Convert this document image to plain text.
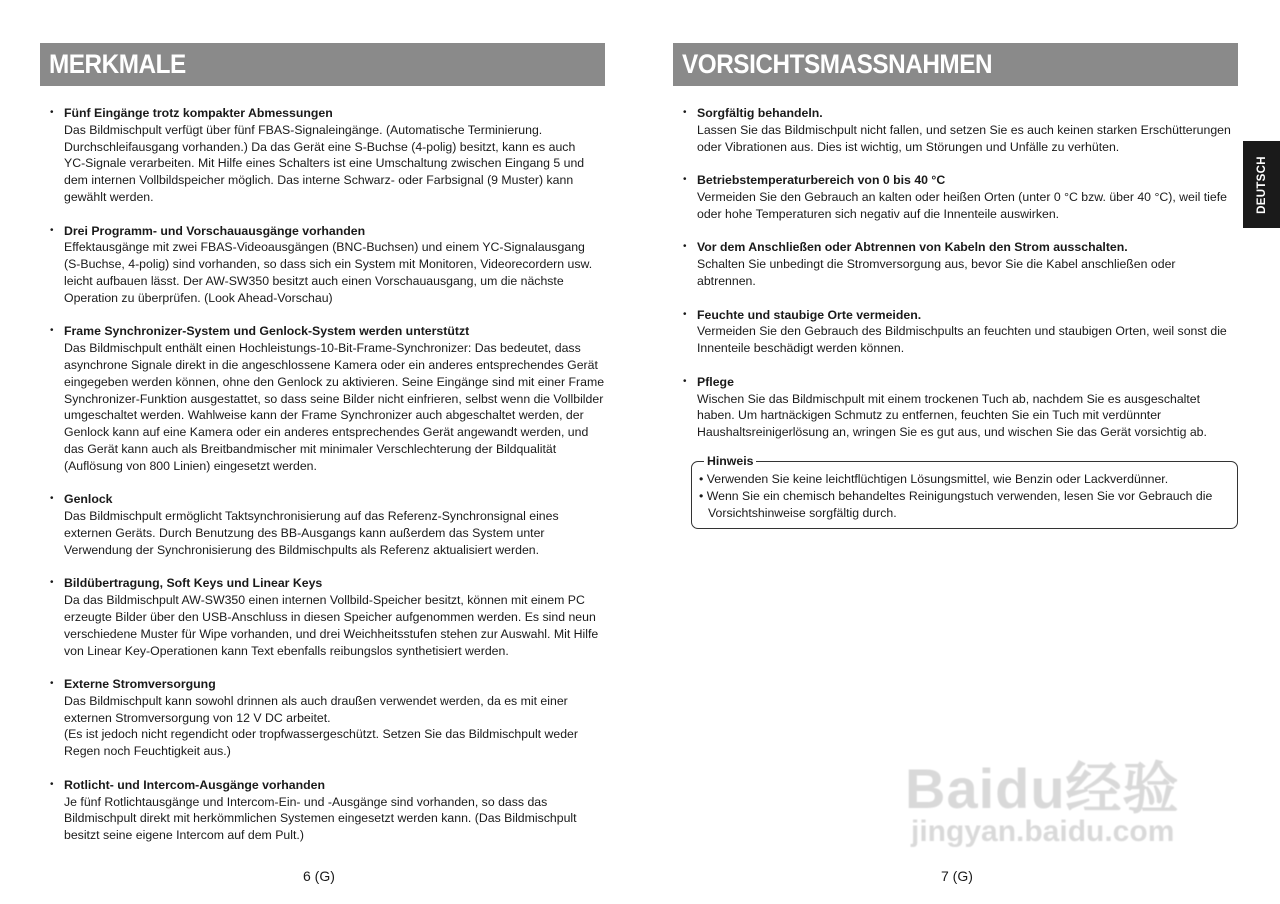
MERKMALE	VORSICHTSMASSNAHMEN
• Fünf Eingänge trotz kompakter Abmessungen
Das Bildmischpult verfügt über fünf FBAS-Signaleingänge. (Automatische Terminierung.
Durchschleifausgang vorhanden.) Da das Gerät eine S-Buchse (4-polig) besitzt, kann es auch
YC-Signale verarbeiten. Mit Hilfe eines Schalters ist eine Umschaltung zwischen Eingang 5 und
dem internen Vollbildspeicher möglich. Das interne Schwarz- oder Farbsignal (9 Muster) kann
gewählt werden.
• Drei Programm- und Vorschauausgänge vorhanden
Effektausgänge mit zwei FBAS-Videoausgängen (BNC-Buchsen) und einem YC-Signalausgang
(S-Buchse, 4-polig) sind vorhanden, so dass sich ein System mit Monitoren, Videorecordern usw.
leicht aufbauen lässt. Der AW-SW350 besitzt auch einen Vorschauausgang, um die nächste
Operation zu überprüfen. (Look Ahead-Vorschau)
• Frame Synchronizer-System und Genlock-System werden unterstützt
Das Bildmischpult enthält einen Hochleistungs-10-Bit-Frame-Synchronizer: Das bedeutet, dass
asynchrone Signale direkt in die angeschlossene Kamera oder ein anderes entsprechendes Gerät
eingegeben werden können, ohne den Genlock zu aktivieren. Seine Eingänge sind mit einer Frame
Synchronizer-Funktion ausgestattet, so dass seine Bilder nicht einfrieren, selbst wenn die Vollbilder
umgeschaltet werden. Wahlweise kann der Frame Synchronizer auch abgeschaltet werden, der
Genlock kann auf eine Kamera oder ein anderes entsprechendes Gerät angewandt werden, und
das Gerät kann auch als Breitbandmischer mit minimaler Verschlechterung der Bildqualität
(Auflösung von 800 Linien) eingesetzt werden.
• Genlock
Das Bildmischpult ermöglicht Taktsynchronisierung auf das Referenz-Synchronsignal eines
externen Geräts. Durch Benutzung des BB-Ausgangs kann außerdem das System unter
Verwendung der Synchronisierung des Bildmischpults als Referenz aktualisiert werden.
• Bildübertragung, Soft Keys und Linear Keys
Da das Bildmischpult AW-SW350 einen internen Vollbild-Speicher besitzt, können mit einem PC
erzeugte Bilder über den USB-Anschluss in diesen Speicher aufgenommen werden. Es sind neun
verschiedene Muster für Wipe vorhanden, und drei Weichheitsstufen stehen zur Auswahl. Mit Hilfe
von Linear Key-Operationen kann Text ebenfalls reibungslos synthetisiert werden.
• Externe Stromversorgung
Das Bildmischpult kann sowohl drinnen als auch draußen verwendet werden, da es mit einer
externen Stromversorgung von 12 V DC arbeitet.
(Es ist jedoch nicht regendicht oder tropfwassergeschützt. Setzen Sie das Bildmischpult weder
Regen noch Feuchtigkeit aus.)
• Rotlicht- und Intercom-Ausgänge vorhanden
Je fünf Rotlichtausgänge und Intercom-Ein- und -Ausgänge sind vorhanden, so dass das
Bildmischpult direkt mit herkömmlichen Systemen eingesetzt werden kann. (Das Bildmischpult
besitzt seine eigene Intercom auf dem Pult.)
• Sorgfältig behandeln.
Lassen Sie das Bildmischpult nicht fallen, und setzen Sie es auch keinen starken Erschütterungen
oder Vibrationen aus. Dies ist wichtig, um Störungen und Unfälle zu verhüten.
• Betriebstemperaturbereich von 0 bis 40 °C
Vermeiden Sie den Gebrauch an kalten oder heißen Orten (unter 0 °C bzw. über 40 °C), weil tiefe
oder hohe Temperaturen sich negativ auf die Innenteile auswirken.
• Vor dem Anschließen oder Abtrennen von Kabeln den Strom ausschalten.
Schalten Sie unbedingt die Stromversorgung aus, bevor Sie die Kabel anschließen oder
abtrennen.
• Feuchte und staubige Orte vermeiden.
Vermeiden Sie den Gebrauch des Bildmischpults an feuchten und staubigen Orten, weil sonst die
Innenteile beschädigt werden können.
• Pflege
Wischen Sie das Bildmischpult mit einem trockenen Tuch ab, nachdem Sie es ausgeschaltet
haben. Um hartnäckigen Schmutz zu entfernen, feuchten Sie ein Tuch mit verdünnter
Haushaltsreinigerlösung an, wringen Sie es gut aus, und wischen Sie das Gerät vorsichtig ab.
Hinweis
• Verwenden Sie keine leichtflüchtigen Lösungsmittel, wie Benzin oder Lackverdünner.
• Wenn Sie ein chemisch behandeltes Reinigungstuch verwenden, lesen Sie vor Gebrauch die Vorsichtshinweise sorgfältig durch.
DEUTSCH
6 (G)	7 (G)
Baidu经验
jingyan.baidu.com
